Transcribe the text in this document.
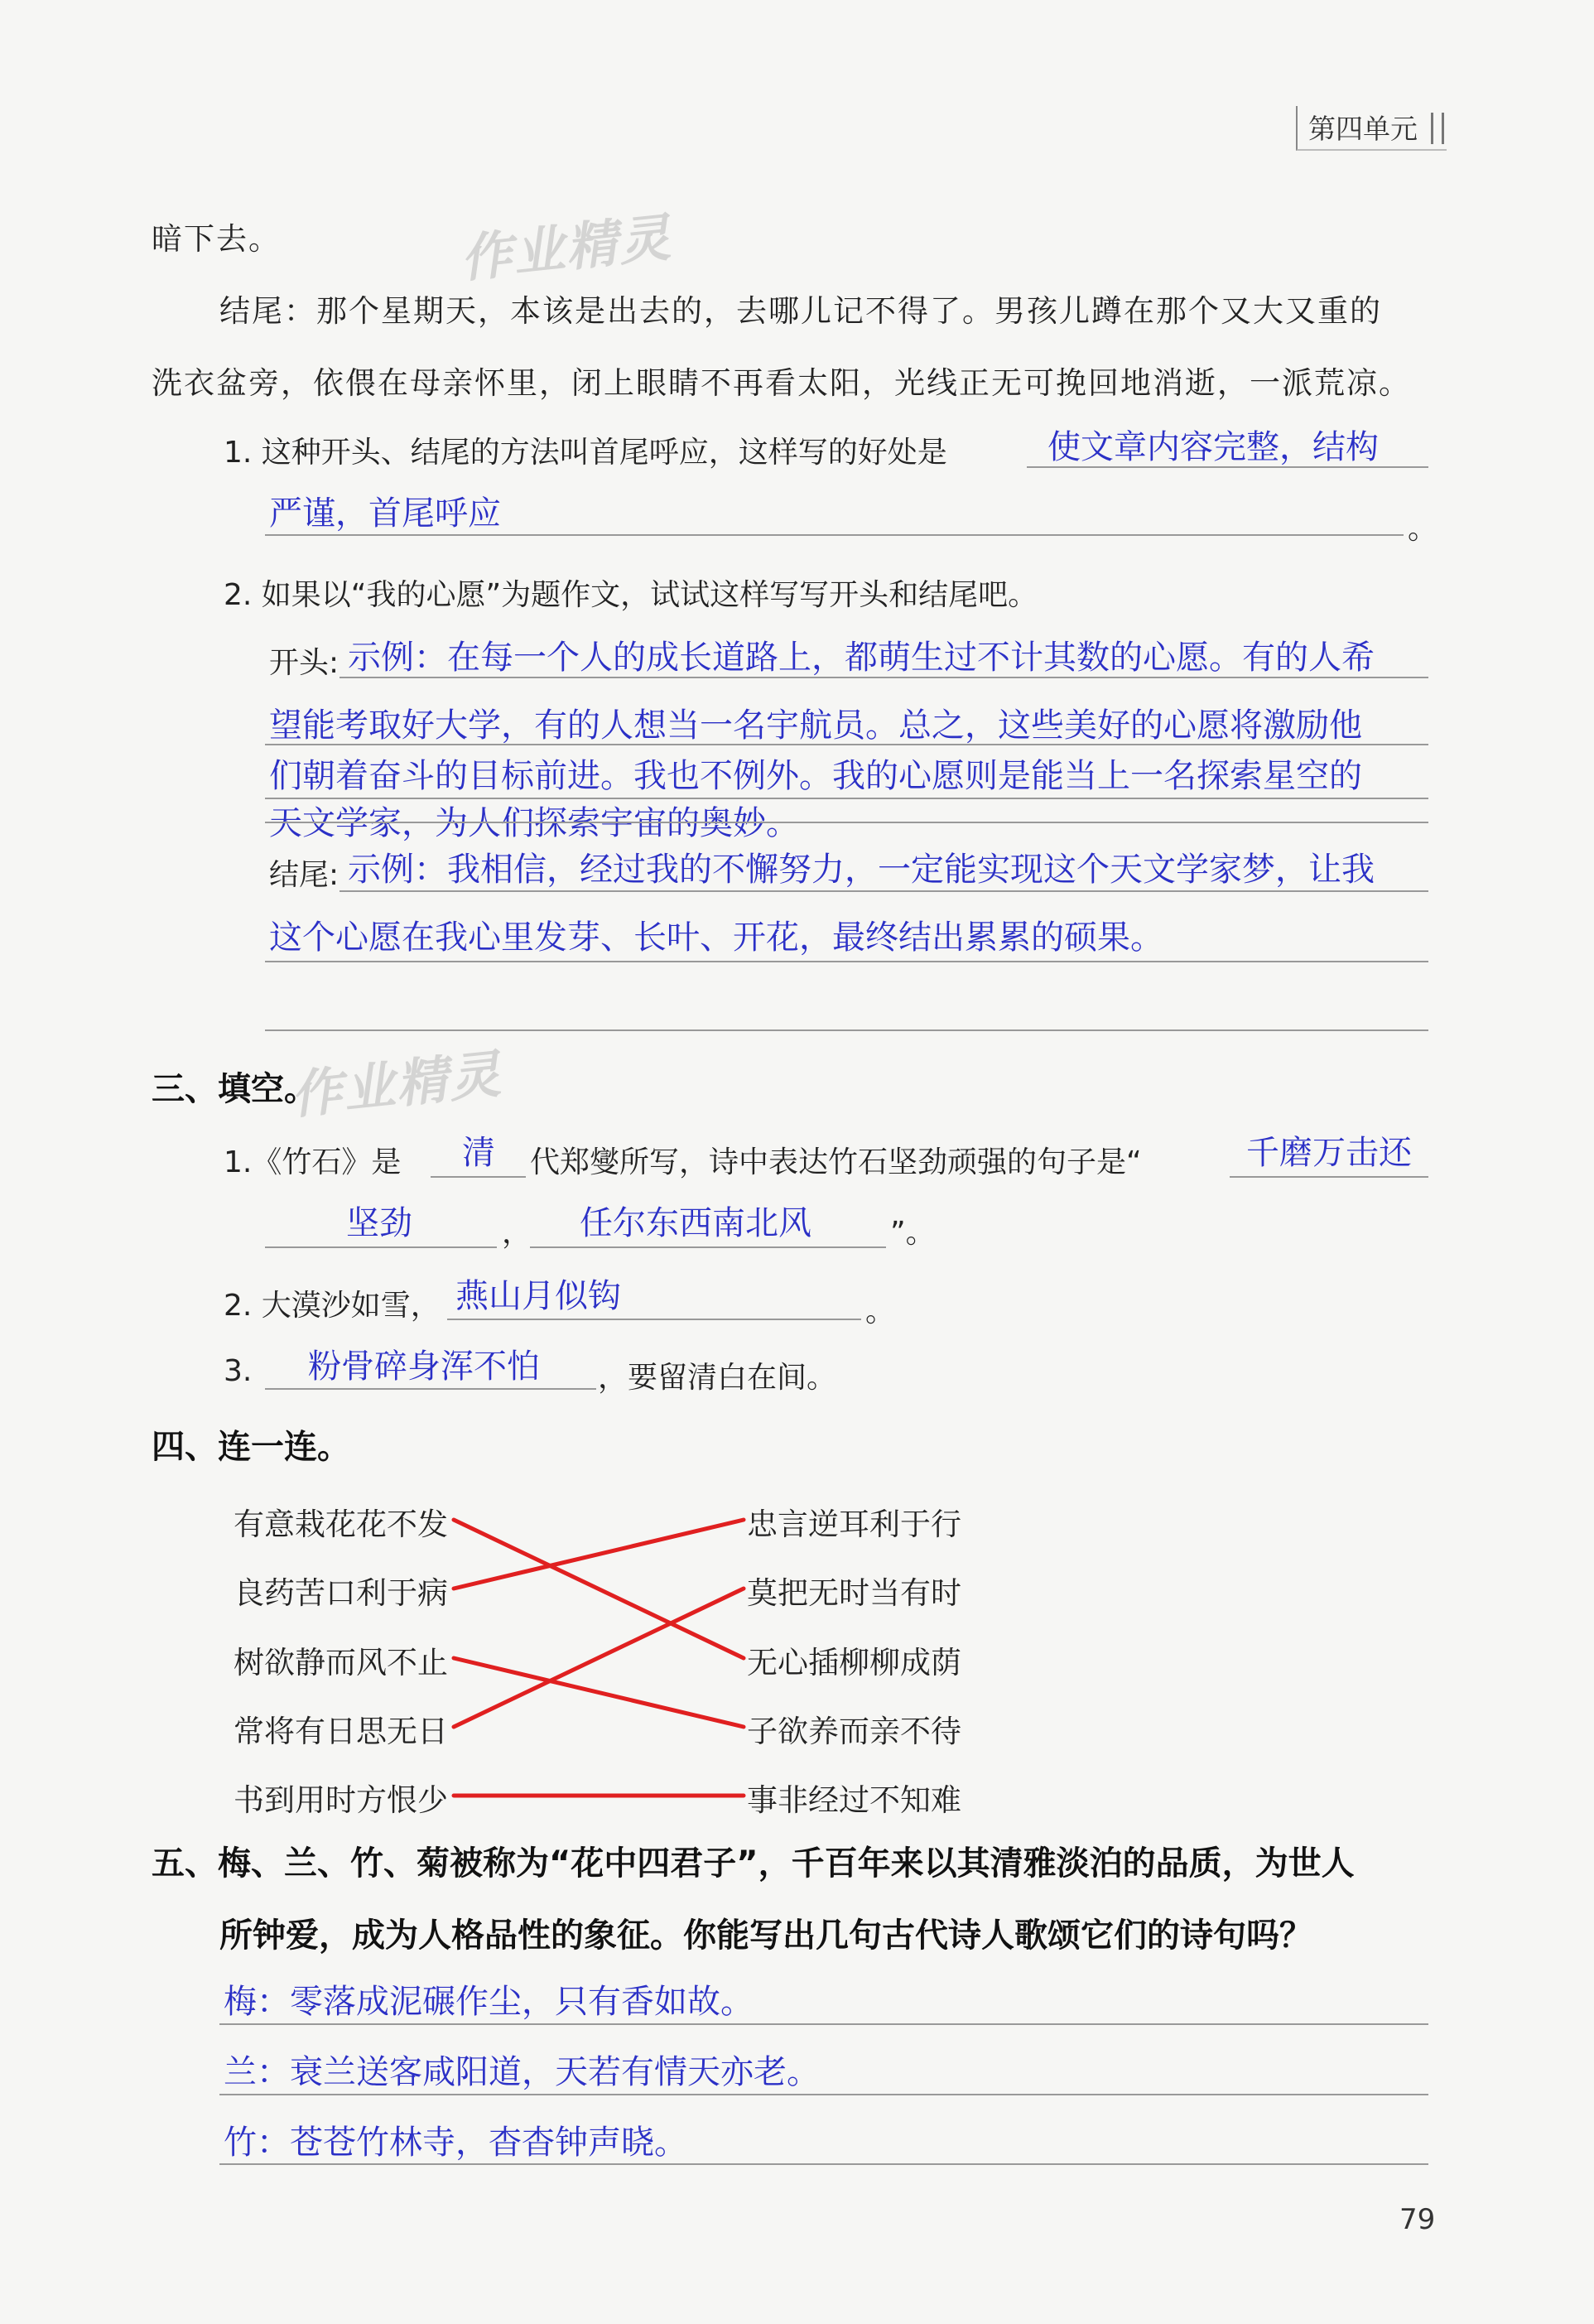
第四单元
作业精灵
作业精灵
暗下去。
结尾：那个星期天，本该是出去的，去哪儿记不得了。男孩儿蹲在那个又大又重的
洗衣盆旁，依偎在母亲怀里，闭上眼睛不再看太阳，光线正无可挽回地消逝，一派荒凉。
1. 这种开头、结尾的方法叫首尾呼应，这样写的好处是	使文章内容完整，结构
严谨，首尾呼应	。
2. 如果以“我的心愿”为题作文，试试这样写写开头和结尾吧。
开头: 示例：在每一个人的成长道路上，都萌生过不计其数的心愿。有的人希
望能考取好大学，有的人想当一名宇航员。总之，这些美好的心愿将激励他
们朝着奋斗的目标前进。我也不例外。我的心愿则是能当上一名探索星空的
天文学家，为人们探索宇宙的奥妙。
结尾: 示例：我相信，经过我的不懈努力，一定能实现这个天文学家梦，让我
这个心愿在我心里发芽、长叶、开花，最终结出累累的硕果。
三、填空。
1.《竹石》是 清 代郑燮所写，诗中表达竹石坚劲顽强的句子是“	千磨万击还
坚劲	， 任尔东西南北风	”。
2. 大漠沙如雪， 燕山月似钩	。
3. 粉骨碎身浑不怕 ，要留清白在间。
四、连一连。
有意栽花花不发
良药苦口利于病
树欲静而风不止
常将有日思无日
书到用时方恨少
忠言逆耳利于行
莫把无时当有时
无心插柳柳成荫
子欲养而亲不待
事非经过不知难
五、梅、兰、竹、菊被称为“花中四君子”，千百年来以其清雅淡泊的品质，为世人
所钟爱，成为人格品性的象征。你能写出几句古代诗人歌颂它们的诗句吗？
梅：零落成泥碾作尘，只有香如故。
兰：衰兰送客咸阳道，天若有情天亦老。
竹：苍苍竹林寺，杳杳钟声晓。
79
